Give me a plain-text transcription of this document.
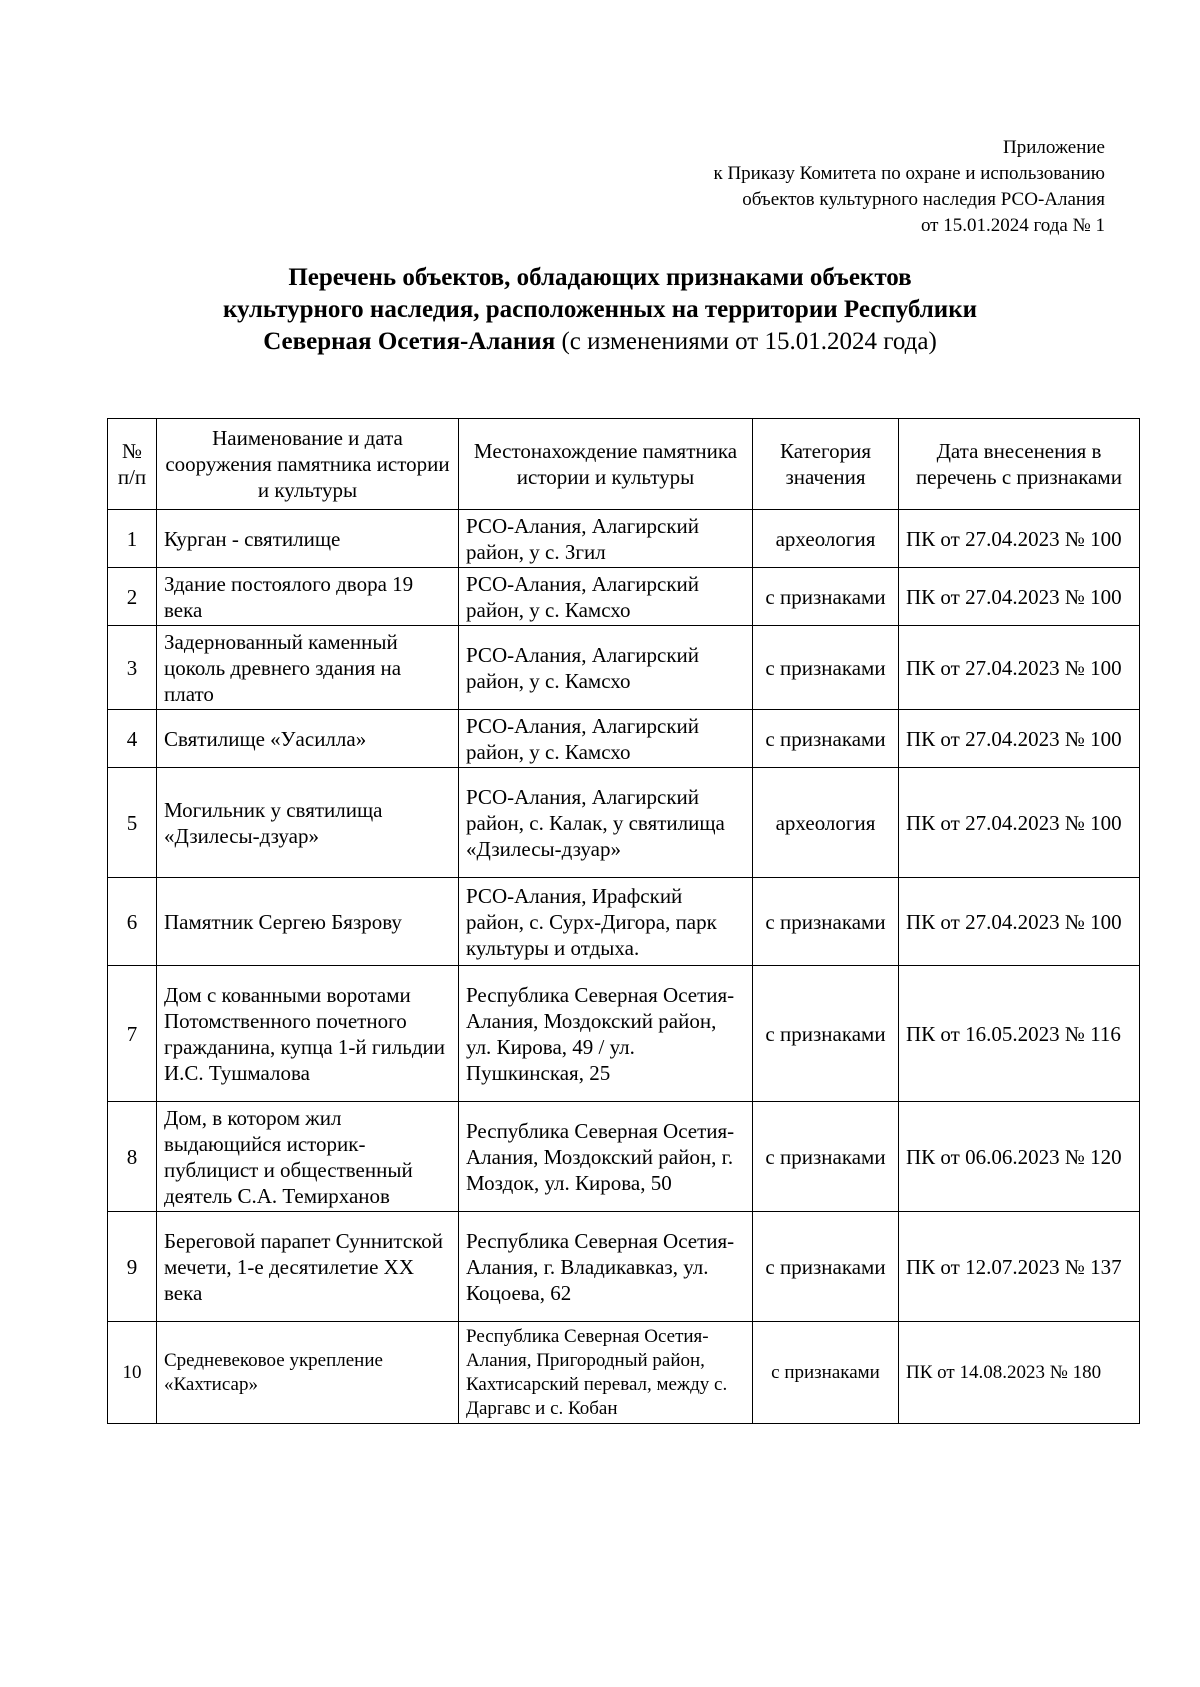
Приложение
к Приказу Комитета по охране и использованию
объектов культурного наследия РСО-Алания
от 15.01.2024 года № 1
Перечень объектов, обладающих признаками объектов
культурного наследия, расположенных на территории Республики
Северная Осетия-Алания (с изменениями от 15.01.2024 года)
№ п/п	Наименование и дата сооружения памятника истории и культуры	Местонахождение памятника истории и культуры	Категория значения	Дата внесенения в перечень с признаками
1	Курган - святилище	РСО-Алания, Алагирский район, у с. Згил	археология	ПК от 27.04.2023 № 100
2	Здание постоялого двора 19 века	РСО-Алания, Алагирский район, у с. Камсхо	с признаками	ПК от 27.04.2023 № 100
3	Задернованный каменный цоколь древнего здания на плато	РСО-Алания, Алагирский район, у с. Камсхо	с признаками	ПК от 27.04.2023 № 100
4	Святилище «Уасилла»	РСО-Алания, Алагирский район, у с. Камсхо	с признаками	ПК от 27.04.2023 № 100
5	Могильник у святилища «Дзилесы-дзуар»	РСО-Алания, Алагирский район, с. Калак, у святилища «Дзилесы-дзуар»	археология	ПК от 27.04.2023 № 100
6	Памятник Сергею Бязрову	РСО-Алания, Ирафский район, с. Сурх-Дигора, парк культуры и отдыха.	с признаками	ПК от 27.04.2023 № 100
7	Дом с кованными воротами Потомственного почетного гражданина, купца 1-й гильдии И.С. Тушмалова	Республика Северная Осетия-Алания, Моздокский район, ул. Кирова, 49 / ул. Пушкинская, 25	с признаками	ПК от 16.05.2023 № 116
8	Дом, в котором жил выдающийся историк-публицист и общественный деятель С.А. Темирханов	Республика Северная Осетия-Алания, Моздокский район, г. Моздок, ул. Кирова, 50	с признаками	ПК от 06.06.2023 № 120
9	Береговой парапет Суннитской мечети, 1-е десятилетие XX века	Республика Северная Осетия-Алания, г. Владикавказ, ул. Коцоева, 62	с признаками	ПК от 12.07.2023 № 137
10	Средневековое укрепление «Кахтисар»	Республика Северная Осетия-Алания, Пригородный район, Кахтисарский перевал, между с. Даргавс и с. Кобан	с признаками	ПК от 14.08.2023 № 180
